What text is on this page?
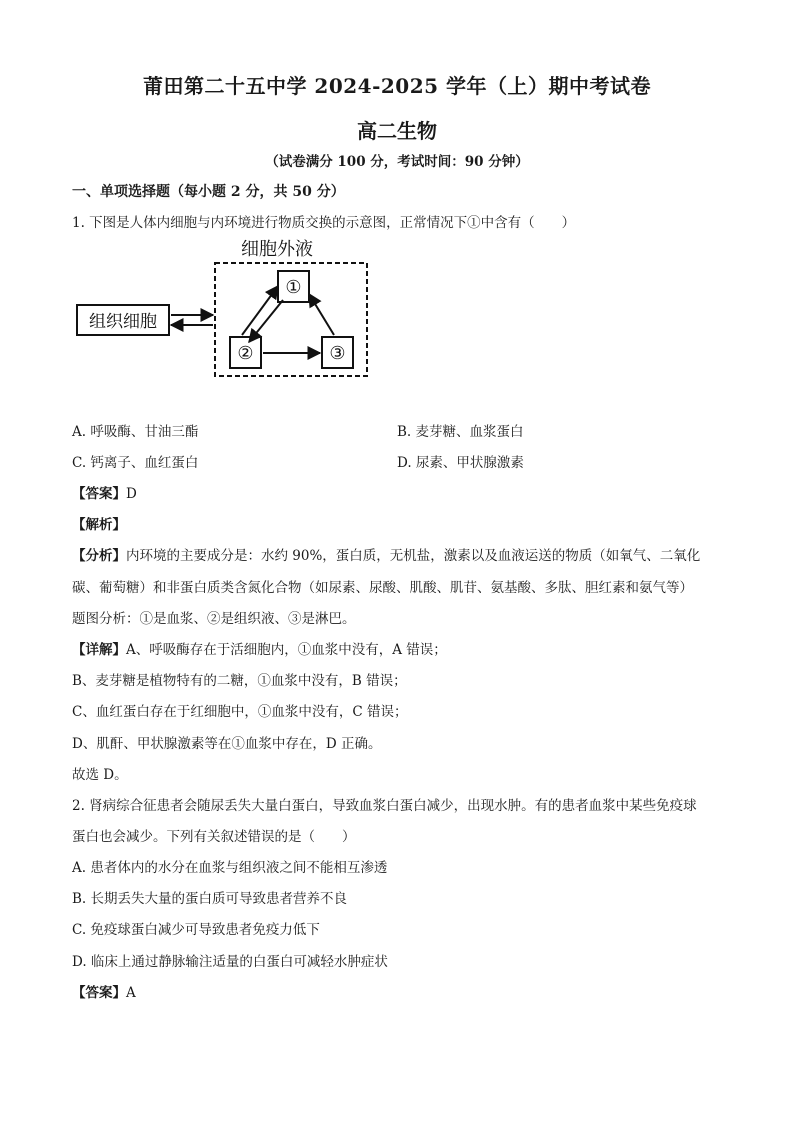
莆田第二十五中学 2024-2025 学年（上）期中考试卷
高二生物
（试卷满分 100 分，考试时间：90 分钟）
一、单项选择题（每小题 2 分，共 50 分）
1. 下图是人体内细胞与内环境进行物质交换的示意图，正常情况下①中含有（　　）
细胞外液
组织细胞
①
②	③
A. 呼吸酶、甘油三酯	B. 麦芽糖、血浆蛋白
C. 钙离子、血红蛋白	D. 尿素、甲状腺激素
【答案】D
【解析】
【分析】内环境的主要成分是：水约 90%，蛋白质，无机盐，激素以及血液运送的物质（如氧气、二氧化
碳、葡萄糖）和非蛋白质类含氮化合物（如尿素、尿酸、肌酸、肌苷、氨基酸、多肽、胆红素和氨气等）
题图分析：①是血浆、②是组织液、③是淋巴。
【详解】A、呼吸酶存在于活细胞内，①血浆中没有，A 错误；
B、麦芽糖是植物特有的二糖，①血浆中没有，B 错误；
C、血红蛋白存在于红细胞中，①血浆中没有，C 错误；
D、肌酐、甲状腺激素等在①血浆中存在，D 正确。
故选 D。
2. 肾病综合征患者会随尿丢失大量白蛋白，导致血浆白蛋白减少，出现水肿。有的患者血浆中某些免疫球
蛋白也会减少。下列有关叙述错误的是（　　）
A. 患者体内的水分在血浆与组织液之间不能相互渗透
B. 长期丢失大量的蛋白质可导致患者营养不良
C. 免疫球蛋白减少可导致患者免疫力低下
D. 临床上通过静脉输注适量的白蛋白可减轻水肿症状
【答案】A
